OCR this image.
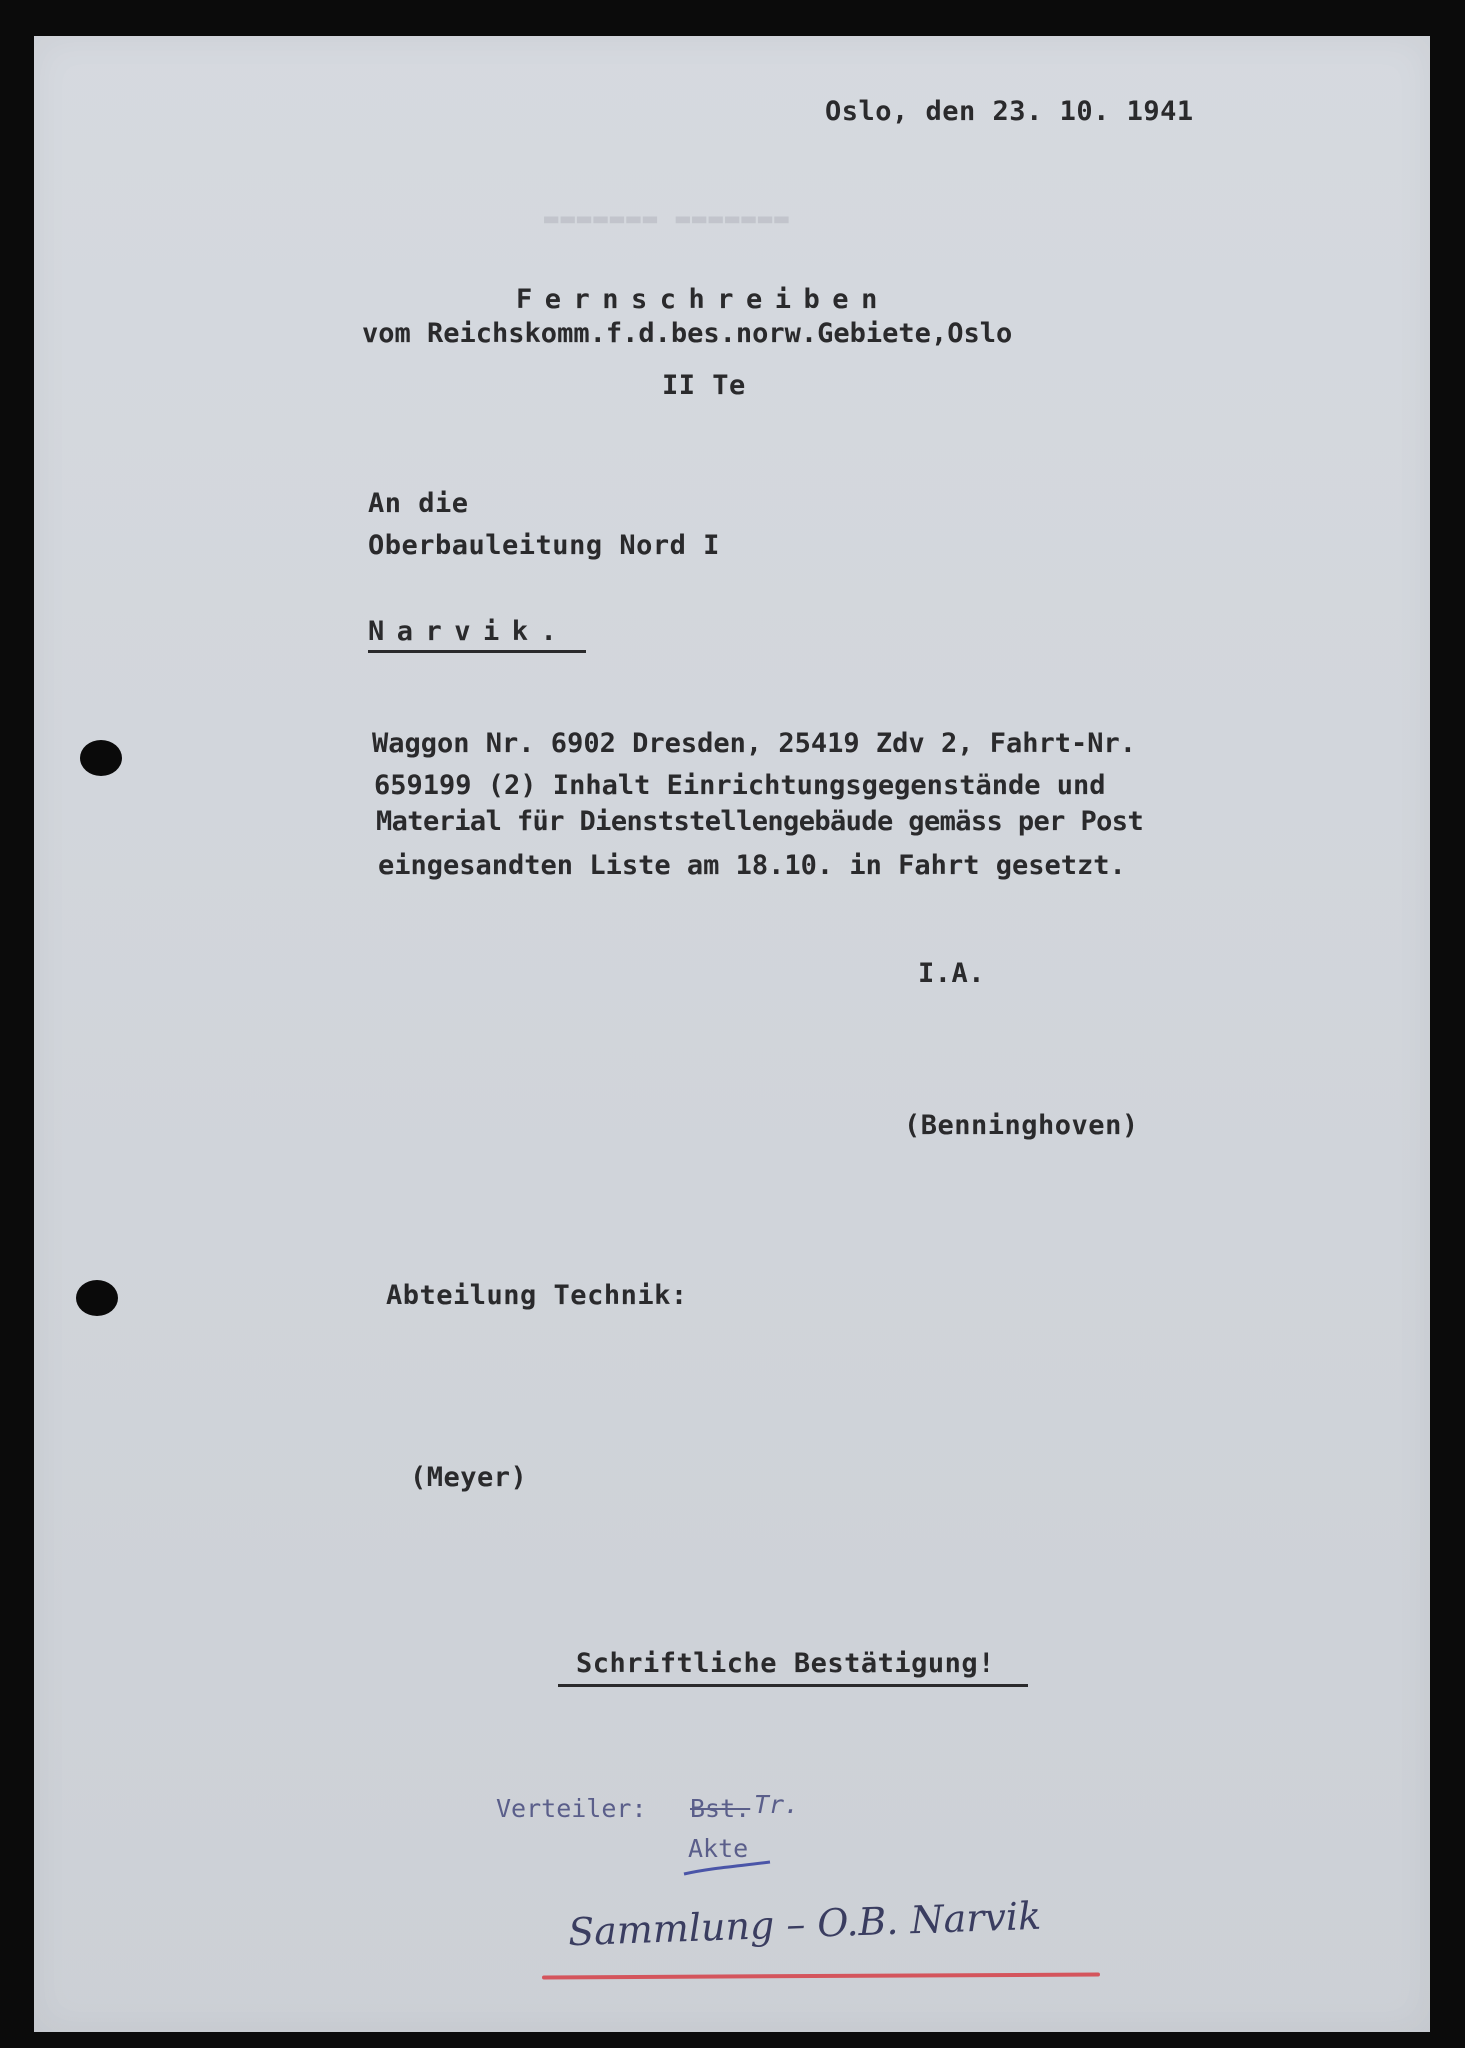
▬▬▬▬▬▬▬ ▬▬▬▬▬▬▬
Oslo, den 23. 10. 1941
Fernschreiben
vom Reichskomm.f.d.bes.norw.Gebiete,Oslo
II Te
An die
Oberbauleitung Nord I
Narvik.
Waggon Nr. 6902 Dresden, 25419 Zdv 2, Fahrt-Nr.
659199 (2) Inhalt Einrichtungsgegenstände und
Material für Dienststellengebäude gemäss per Post
eingesandten Liste am 18.10. in Fahrt gesetzt.
I.A.
(Benninghoven)
Abteilung Technik:
(Meyer)
Schriftliche Bestätigung!
Verteiler: Bst. Tr.
Akte
Sammlung – O.B. Narvik
